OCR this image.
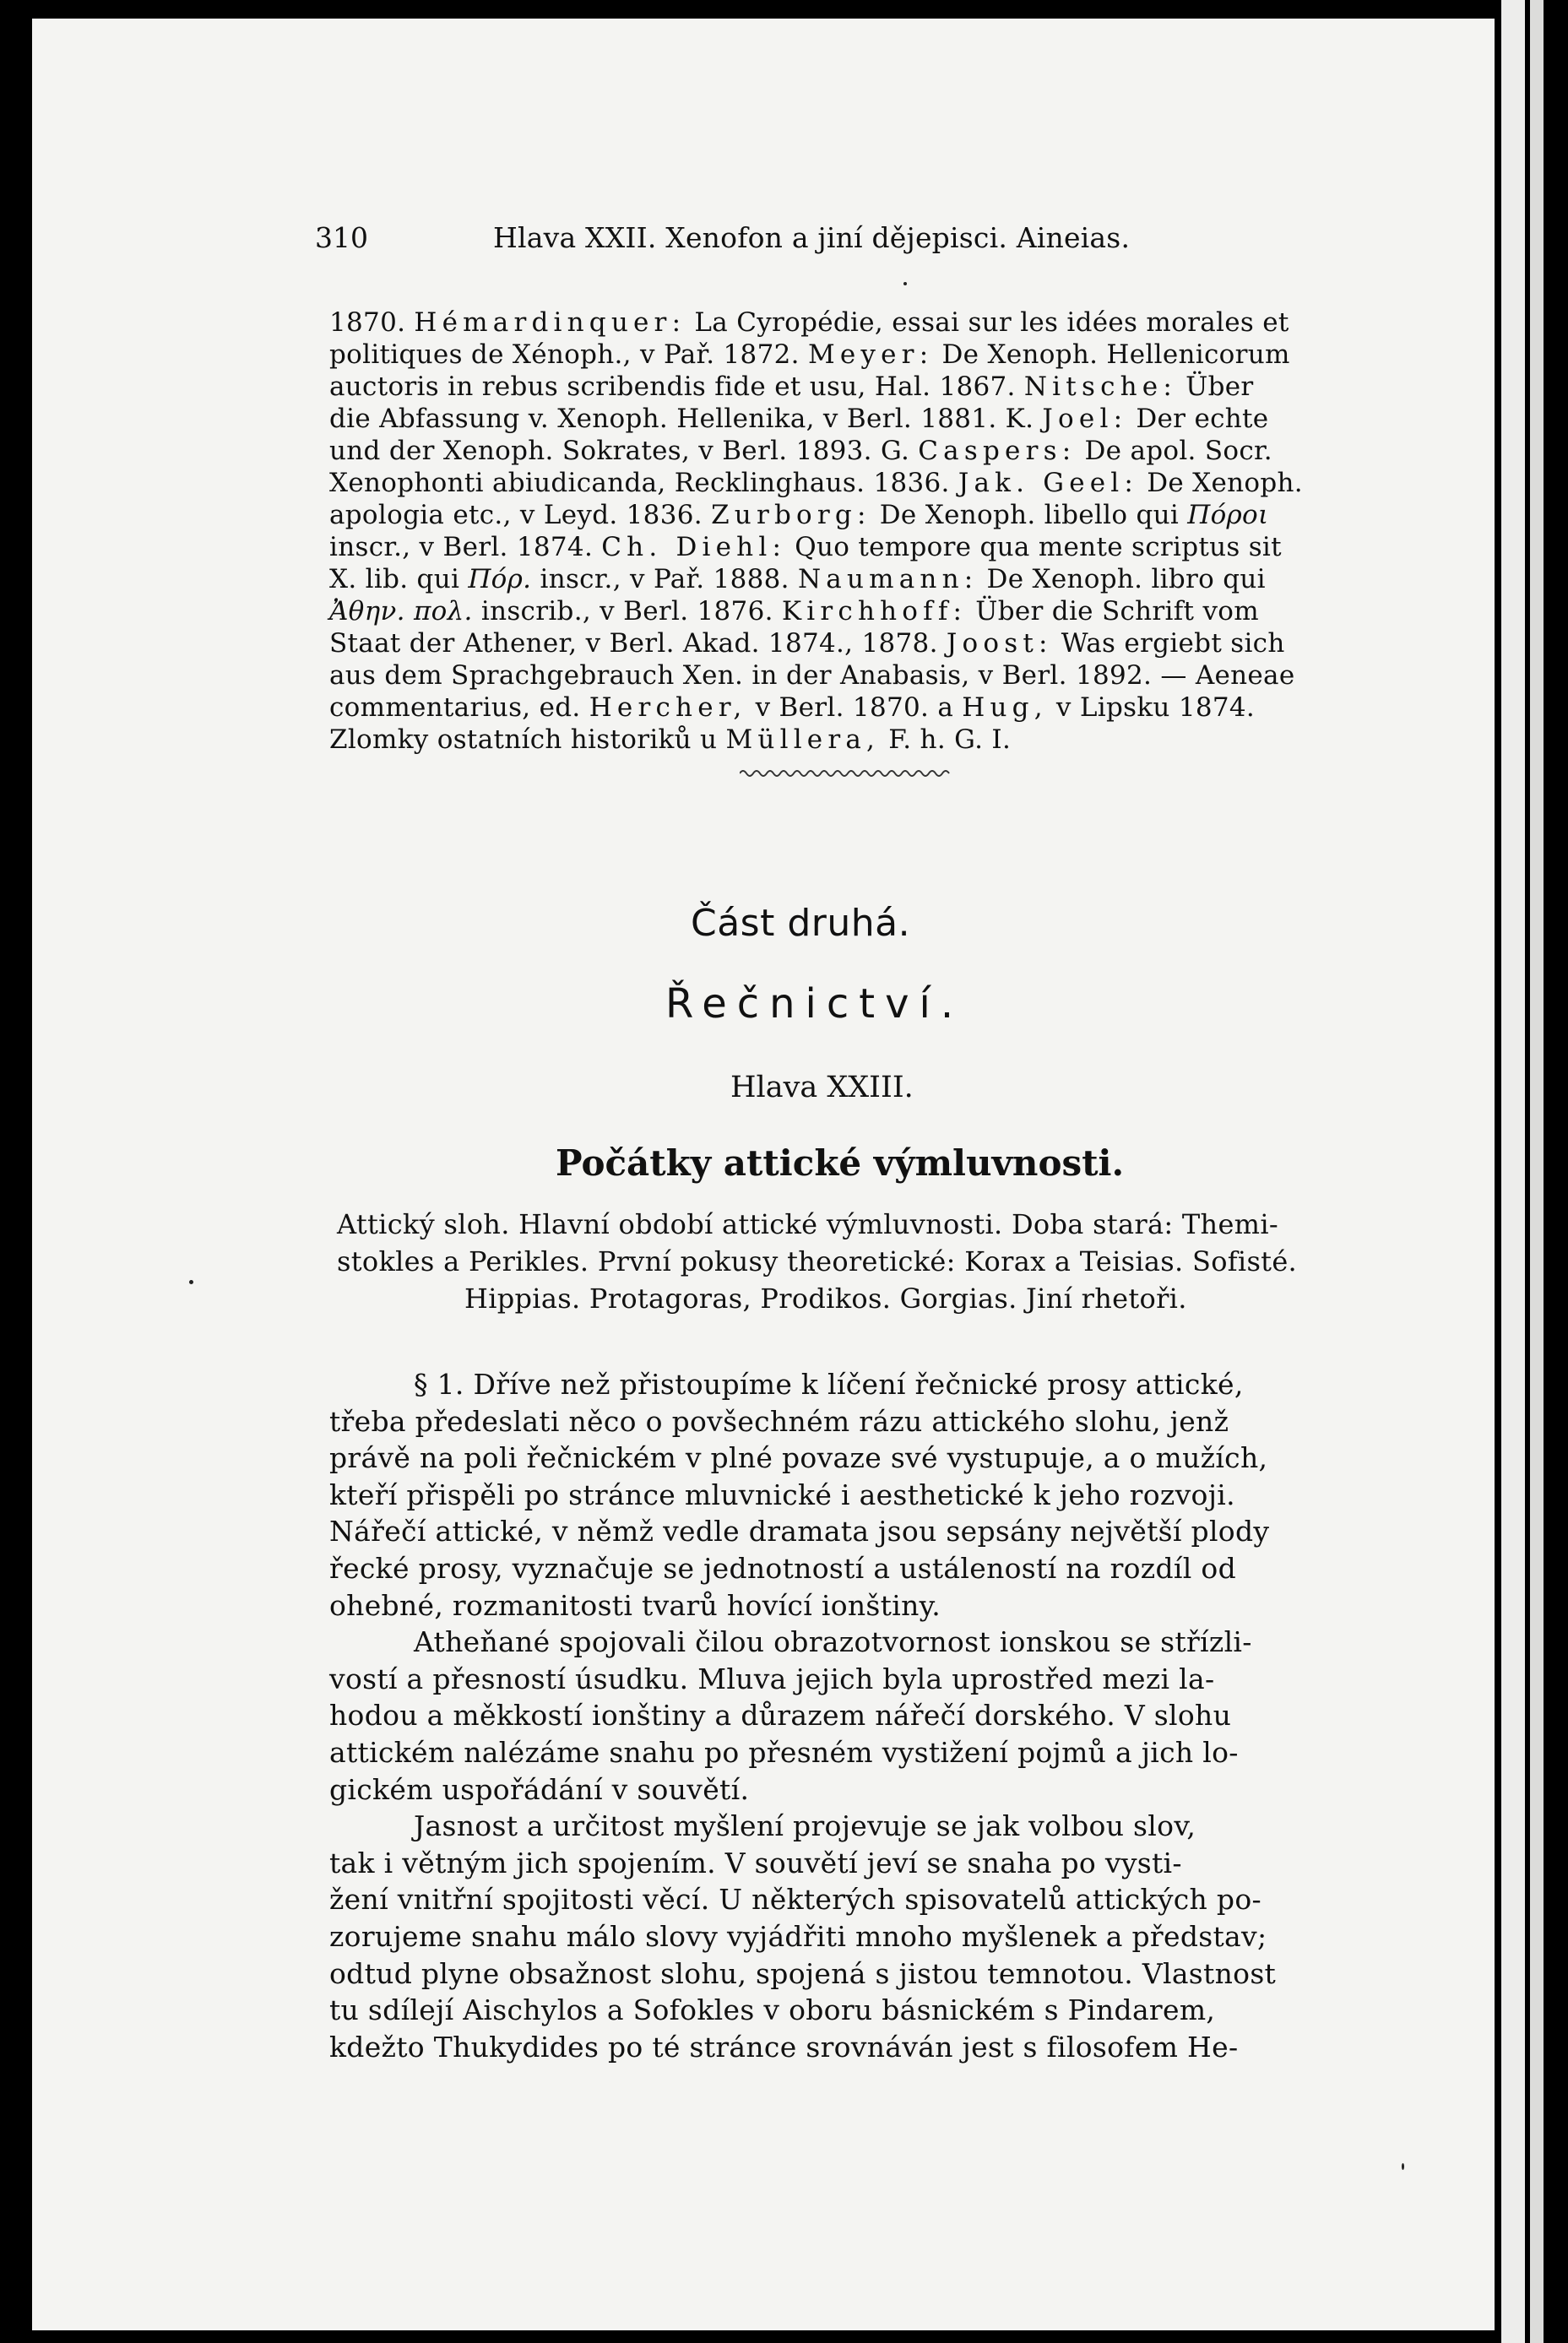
310	Hlava XXII. Xenofon a jiní dějepisci. Aineias.
1870. Hémardinquer: La Cyropédie, essai sur les idées morales et
politiques de Xénoph., v Pař. 1872. Meyer: De Xenoph. Hellenicorum
auctoris in rebus scribendis fide et usu, Hal. 1867. Nitsche: Über
die Abfassung v. Xenoph. Hellenika, v Berl. 1881. K. Joel: Der echte
und der Xenoph. Sokrates, v Berl. 1893. G. Caspers: De apol. Socr.
Xenophonti abiudicanda, Recklinghaus. 1836. Jak. Geel: De Xenoph.
apologia etc., v Leyd. 1836. Zurborg: De Xenoph. libello qui Πόροι
inscr., v Berl. 1874. Ch. Diehl: Quo tempore qua mente scriptus sit
X. lib. qui Πόρ. inscr., v Pař. 1888. Naumann: De Xenoph. libro qui
Ἀθην. πολ. inscrib., v Berl. 1876. Kirchhoff: Über die Schrift vom
Staat der Athener, v Berl. Akad. 1874., 1878. Joost: Was ergiebt sich
aus dem Sprachgebrauch Xen. in der Anabasis, v Berl. 1892. — Aeneae
commentarius, ed. Hercher, v Berl. 1870. a Hug, v Lipsku 1874.
Zlomky ostatních historiků u Müllera, F. h. G. I.
Část druhá.
Řečnictví.
Hlava XXIII.
Počátky attické výmluvnosti.
Attický sloh. Hlavní období attické výmluvnosti. Doba stará: Themi-
stokles a Perikles. První pokusy theoretické: Korax a Teisias. Sofisté.
Hippias. Protagoras, Prodikos. Gorgias. Jiní rhetoři.
§ 1. Dříve než přistoupíme k líčení řečnické prosy attické,
třeba předeslati něco o povšechném rázu attického slohu, jenž
právě na poli řečnickém v plné povaze své vystupuje, a o mužích,
kteří přispěli po stránce mluvnické i aesthetické k jeho rozvoji.
Nářečí attické, v němž vedle dramata jsou sepsány největší plody
řecké prosy, vyznačuje se jednotností a ustáleností na rozdíl od
ohebné, rozmanitosti tvarů hovící ionštiny.
Atheňané spojovali čilou obrazotvornost ionskou se střízli-
vostí a přesností úsudku. Mluva jejich byla uprostřed mezi la-
hodou a měkkostí ionštiny a důrazem nářečí dorského. V slohu
attickém nalézáme snahu po přesném vystižení pojmů a jich lo-
gickém uspořádání v souvětí.
Jasnost a určitost myšlení projevuje se jak volbou slov,
tak i větným jich spojením. V souvětí jeví se snaha po vysti-
žení vnitřní spojitosti věcí. U některých spisovatelů attických po-
zorujeme snahu málo slovy vyjádřiti mnoho myšlenek a představ;
odtud plyne obsažnost slohu, spojená s jistou temnotou. Vlastnost
tu sdílejí Aischylos a Sofokles v oboru básnickém s Pindarem,
kdežto Thukydides po té stránce srovnáván jest s filosofem He-
